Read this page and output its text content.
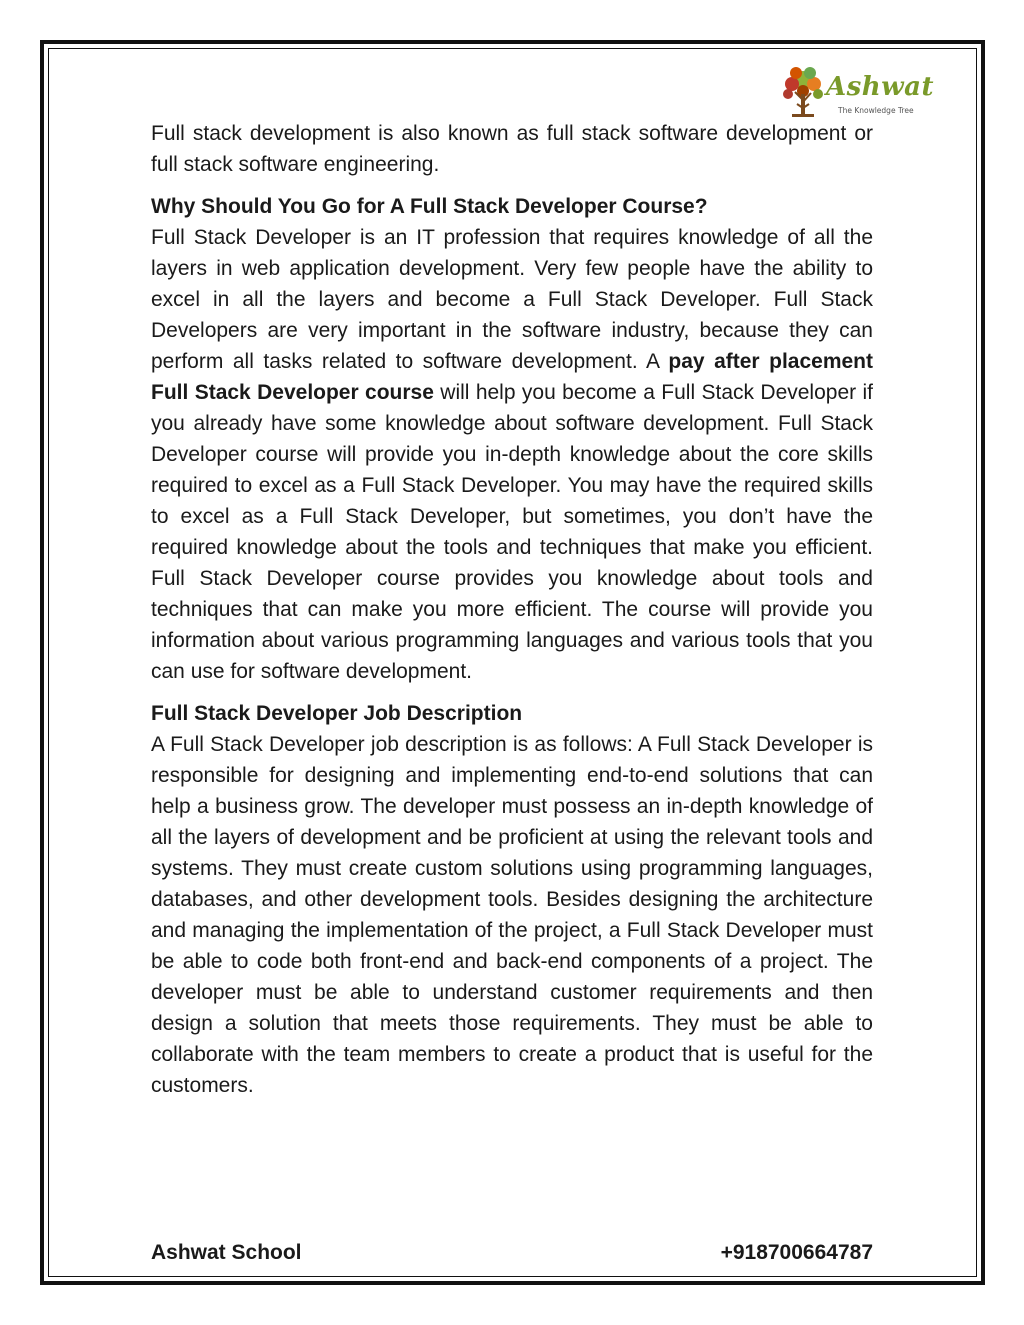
Ashwat
The Knowledge Tree

Full stack development is also known as full stack software development or full stack software engineering.

Why Should You Go for A Full Stack Developer Course?

Full Stack Developer is an IT profession that requires knowledge of all the layers in web application development. Very few people have the ability to excel in all the layers and become a Full Stack Developer. Full Stack Developers are very important in the software industry, because they can perform all tasks related to software development. A pay after placement Full Stack Developer course will help you become a Full Stack Developer if you already have some knowledge about software development. Full Stack Developer course will provide you in-depth knowledge about the core skills required to excel as a Full Stack Developer. You may have the required skills to excel as a Full Stack Developer, but sometimes, you don’t have the required knowledge about the tools and techniques that make you efficient. Full Stack Developer course provides you knowledge about tools and techniques that can make you more efficient. The course will provide you information about various programming languages and various tools that you can use for software development.

Full Stack Developer Job Description

A Full Stack Developer job description is as follows: A Full Stack Developer is responsible for designing and implementing end-to-end solutions that can help a business grow. The developer must possess an in-depth knowledge of all the layers of development and be proficient at using the relevant tools and systems. They must create custom solutions using programming languages, databases, and other development tools. Besides designing the architecture and managing the implementation of the project, a Full Stack Developer must be able to code both front-end and back-end components of a project. The developer must be able to understand customer requirements and then design a solution that meets those requirements. They must be able to collaborate with the team members to create a product that is useful for the customers.

Ashwat School	+918700664787
